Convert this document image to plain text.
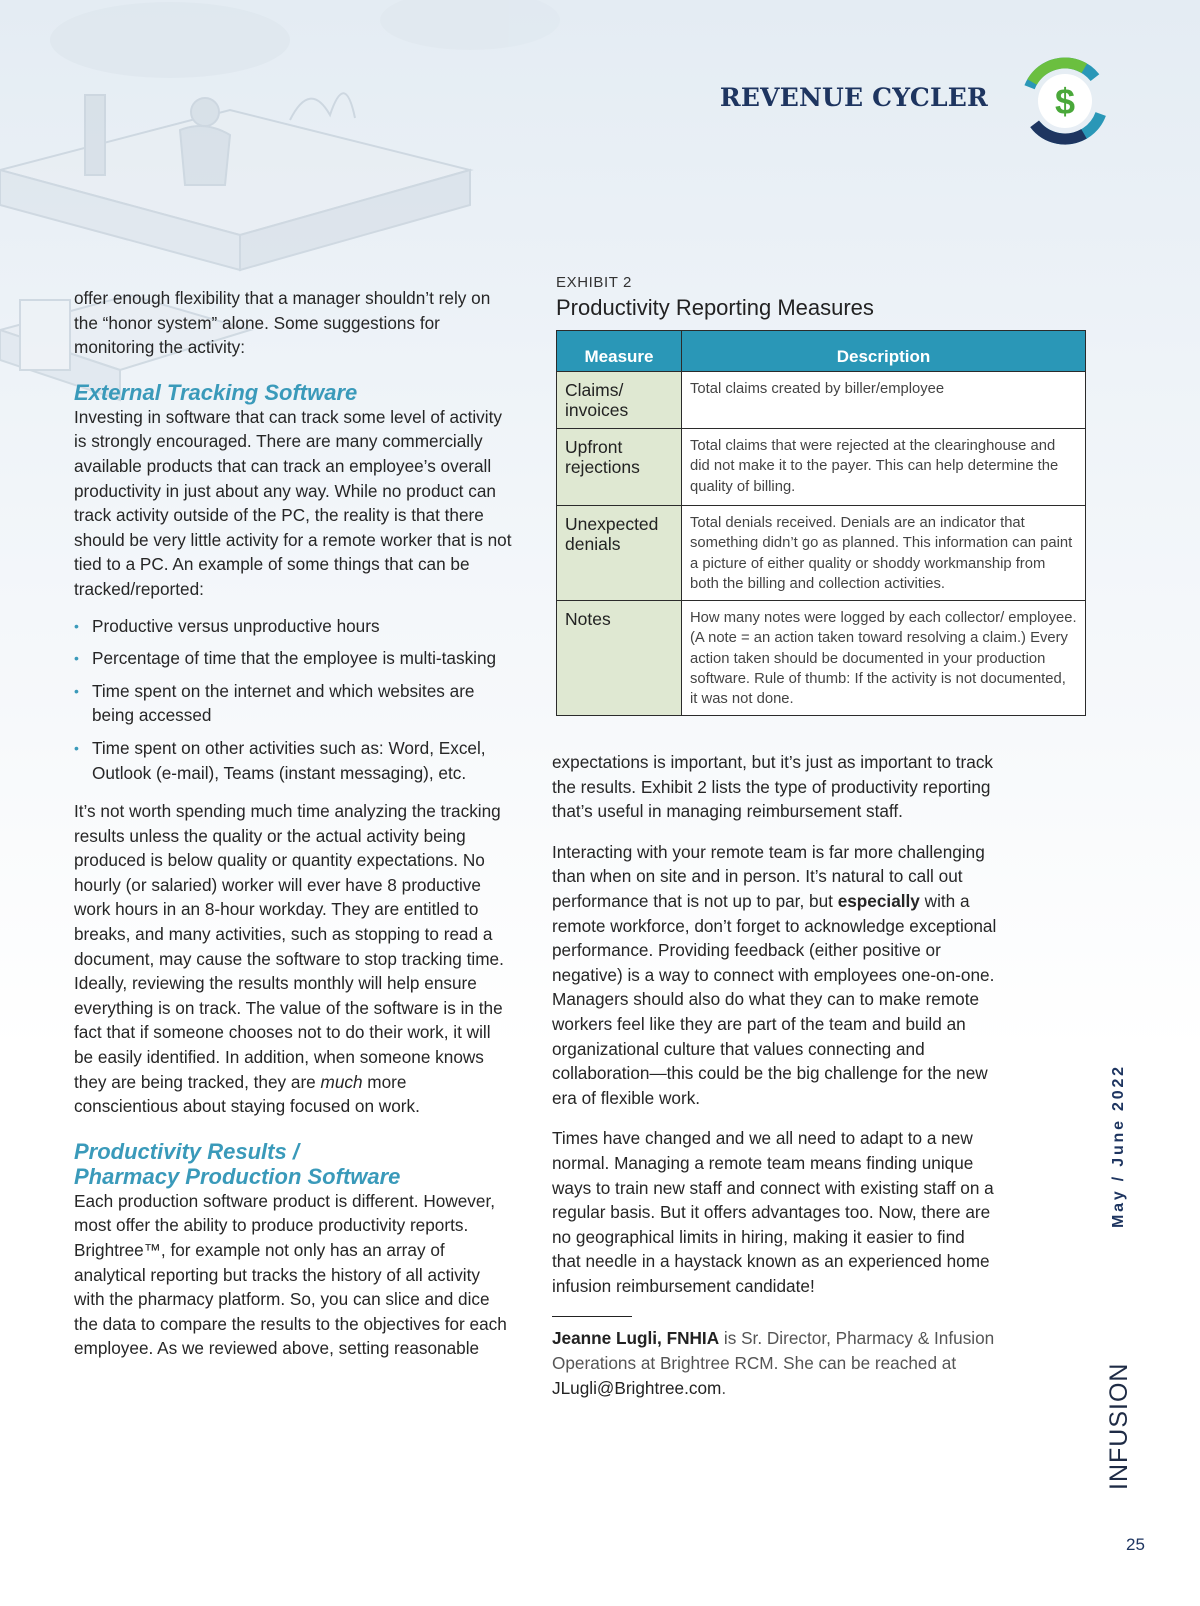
REVENUE CYCLER $

offer enough flexibility that a manager shouldn’t rely on the “honor system” alone. Some suggestions for monitoring the activity:

External Tracking Software

Investing in software that can track some level of activity is strongly encouraged. There are many commercially available products that can track an employee’s overall productivity in just about any way. While no product can track activity outside of the PC, the reality is that there should be very little activity for a remote worker that is not tied to a PC. An example of some things that can be tracked/reported:

• Productive versus unproductive hours
• Percentage of time that the employee is multi-tasking
• Time spent on the internet and which websites are being accessed
• Time spent on other activities such as: Word, Excel, Outlook (e-mail), Teams (instant messaging), etc.

It’s not worth spending much time analyzing the tracking results unless the quality or the actual activity being produced is below quality or quantity expectations. No hourly (or salaried) worker will ever have 8 productive work hours in an 8-hour workday. They are entitled to breaks, and many activities, such as stopping to read a document, may cause the software to stop tracking time. Ideally, reviewing the results monthly will help ensure everything is on track. The value of the software is in the fact that if someone chooses not to do their work, it will be easily identified. In addition, when someone knows they are being tracked, they are much more conscientious about staying focused on work.

Productivity Results /
Pharmacy Production Software

Each production software product is different. However, most offer the ability to produce productivity reports. Brightree™, for example not only has an array of analytical reporting but tracks the history of all activity with the pharmacy platform. So, you can slice and dice the data to compare the results to the objectives for each employee. As we reviewed above, setting reasonable

EXHIBIT 2
Productivity Reporting Measures
Measure	Description
Claims/ invoices	Total claims created by biller/employee
Upfront rejections	Total claims that were rejected at the clearinghouse and did not make it to the payer. This can help determine the quality of billing.
Unexpected denials	Total denials received. Denials are an indicator that something didn’t go as planned. This information can paint a picture of either quality or shoddy workmanship from both the billing and collection activities.
Notes	How many notes were logged by each collector/ employee. (A note = an action taken toward resolving a claim.) Every action taken should be documented in your production software. Rule of thumb: If the activity is not documented, it was not done.

expectations is important, but it’s just as important to track the results. Exhibit 2 lists the type of productivity reporting that’s useful in managing reimbursement staff.

Interacting with your remote team is far more challenging than when on site and in person. It’s natural to call out performance that is not up to par, but especially with a remote workforce, don’t forget to acknowledge exceptional performance. Providing feedback (either positive or negative) is a way to connect with employees one-on-one. Managers should also do what they can to make remote workers feel like they are part of the team and build an organizational culture that values connecting and collaboration—this could be the big challenge for the new era of flexible work.

Times have changed and we all need to adapt to a new normal. Managing a remote team means finding unique ways to train new staff and connect with existing staff on a regular basis. But it offers advantages too. Now, there are no geographical limits in hiring, making it easier to find that needle in a haystack known as an experienced home infusion reimbursement candidate!

Jeanne Lugli, FNHIA is Sr. Director, Pharmacy & Infusion Operations at Brightree RCM. She can be reached at JLugli@Brightree.com.

May / June 2022
INFUSION
25
